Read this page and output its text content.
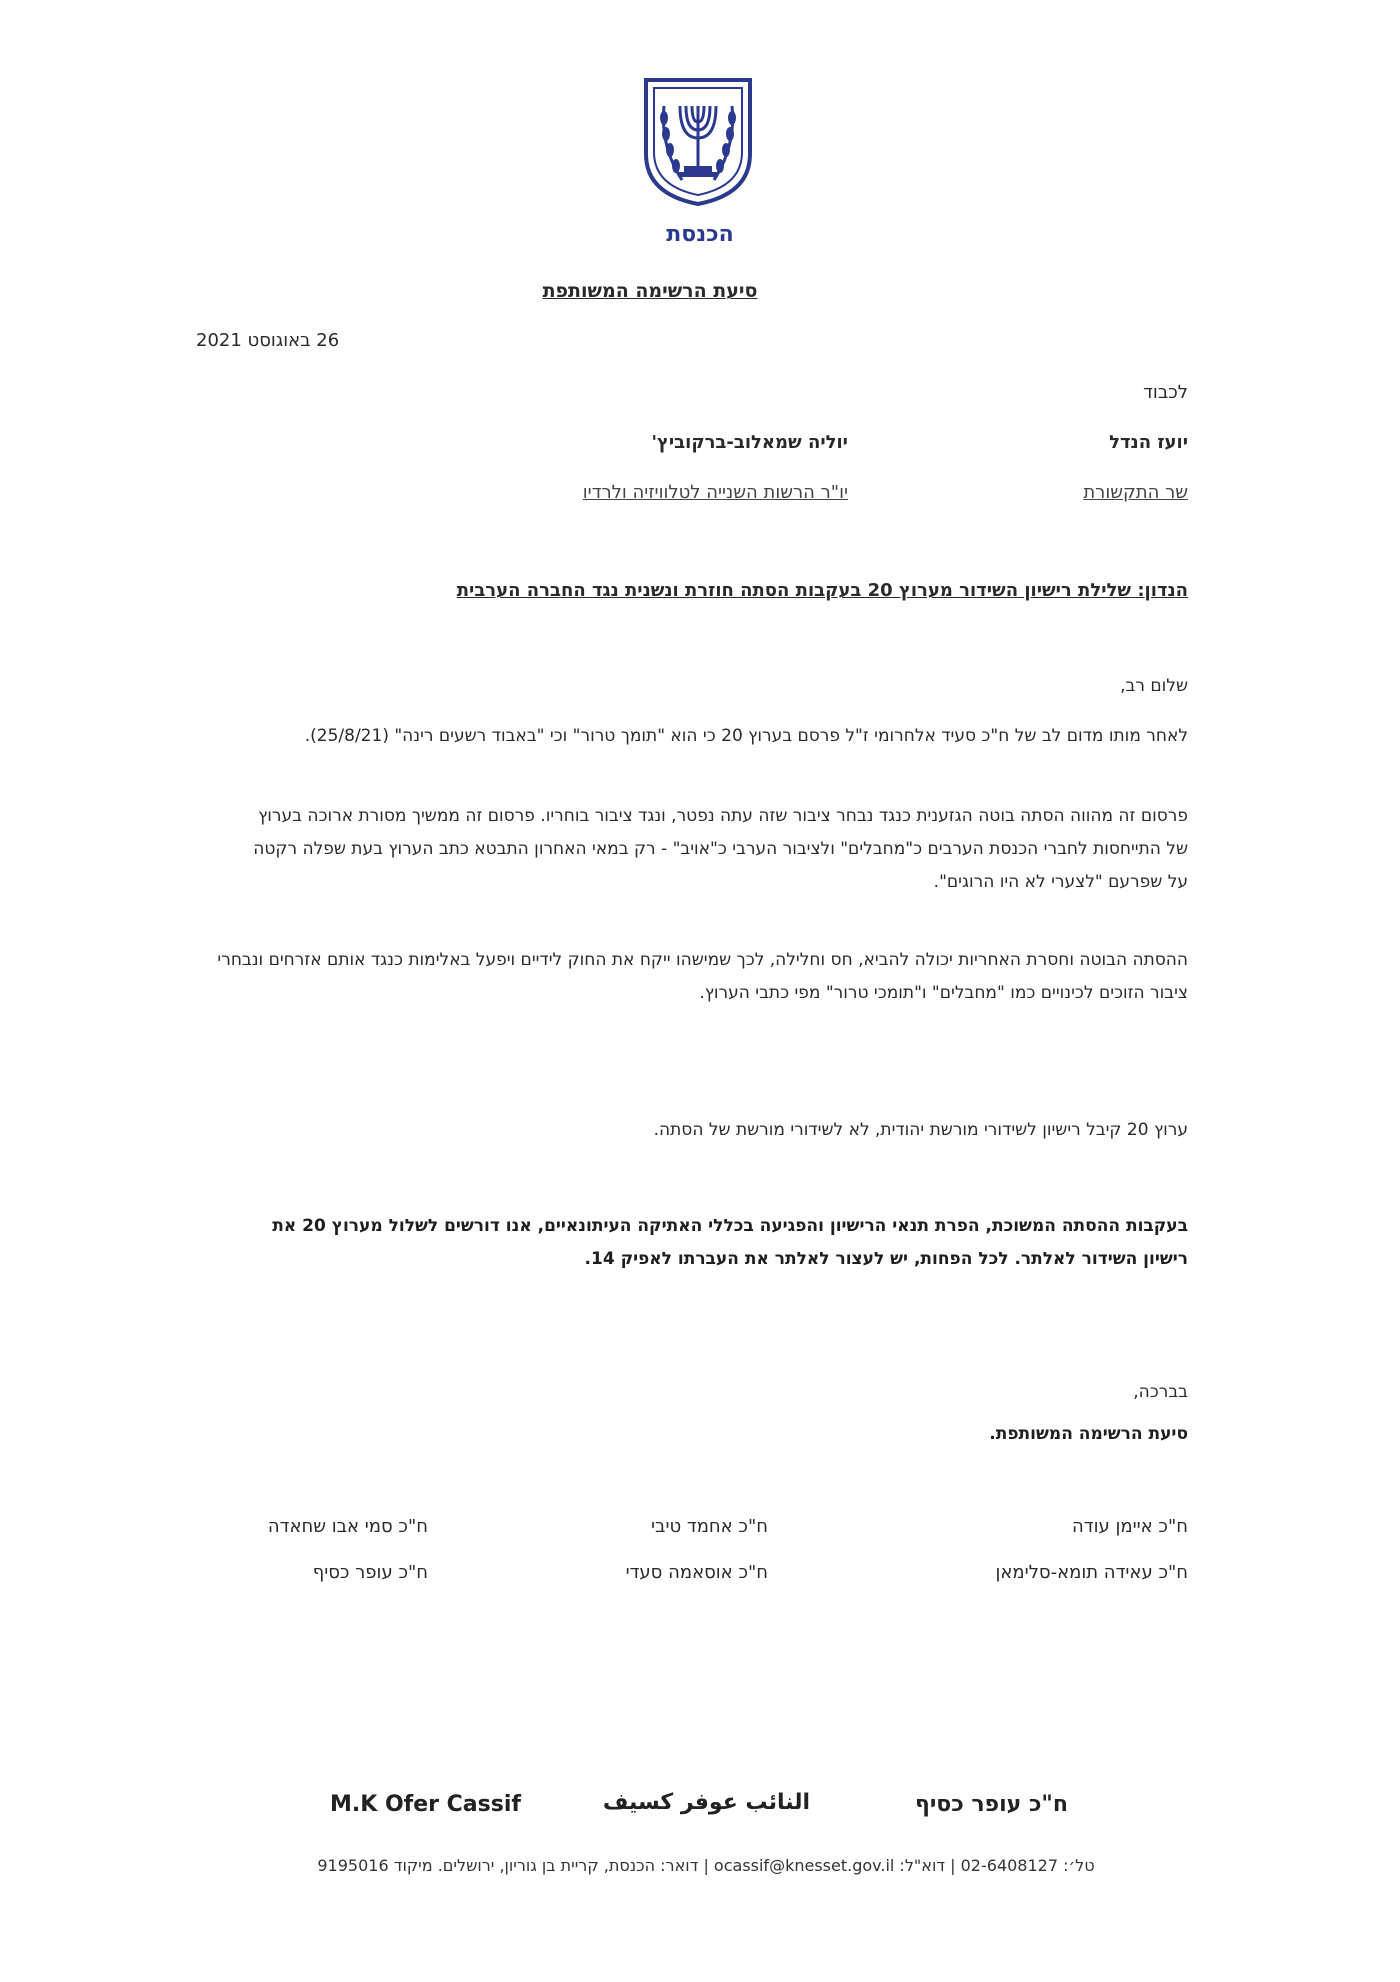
הכנסת
סיעת הרשימה המשותפת
26 באוגוסט 2021
לכבוד
יועז הנדל
שר התקשורת
יוליה שמאלוב-ברקוביץ'
יו"ר הרשות השנייה לטלוויזיה ולרדיו
הנדון: שלילת רישיון השידור מערוץ 20 בעקבות הסתה חוזרת ונשנית נגד החברה הערבית
שלום רב,
לאחר מותו מדום לב של ח"כ סעיד אלחרומי ז"ל פרסם בערוץ 20 כי הוא "תומך טרור" וכי "באבוד רשעים רינה" (25/8/21).
פרסום זה מהווה הסתה בוטה הגזענית כנגד נבחר ציבור שזה עתה נפטר, ונגד ציבור בוחריו. פרסום זה ממשיך מסורת ארוכה בערוץ של התייחסות לחברי הכנסת הערבים כ"מחבלים" ולציבור הערבי כ"אויב" - רק במאי האחרון התבטא כתב הערוץ בעת שפלה רקטה על שפרעם "לצערי לא היו הרוגים".
ההסתה הבוטה וחסרת האחריות יכולה להביא, חס וחלילה, לכך שמישהו ייקח את החוק לידיים ויפעל באלימות כנגד אותם אזרחים ונבחרי ציבור הזוכים לכינויים כמו "מחבלים" ו"תומכי טרור" מפי כתבי הערוץ.
ערוץ 20 קיבל רישיון לשידורי מורשת יהודית, לא לשידורי מורשת של הסתה.
בעקבות ההסתה המשוכת, הפרת תנאי הרישיון והפגיעה בכללי האתיקה העיתונאיים, אנו דורשים לשלול מערוץ 20 את רישיון השידור לאלתר. לכל הפחות, יש לעצור לאלתר את העברתו לאפיק 14.
בברכה,
סיעת הרשימה המשותפת.
ח"כ איימן עודה
ח"כ אחמד טיבי
ח"כ סמי אבו שחאדה
ח"כ עאידה תומא-סלימאן
ח"כ אוסאמה סעדי
ח"כ עופר כסיף
ח"כ עופר כסיף
النائب عوفر كسيف
M.K Ofer Cassif
טל׳: 02-6408127 | דוא"ל: ocassif@knesset.gov.il | דואר: הכנסת, קריית בן גוריון, ירושלים. מיקוד 9195016
